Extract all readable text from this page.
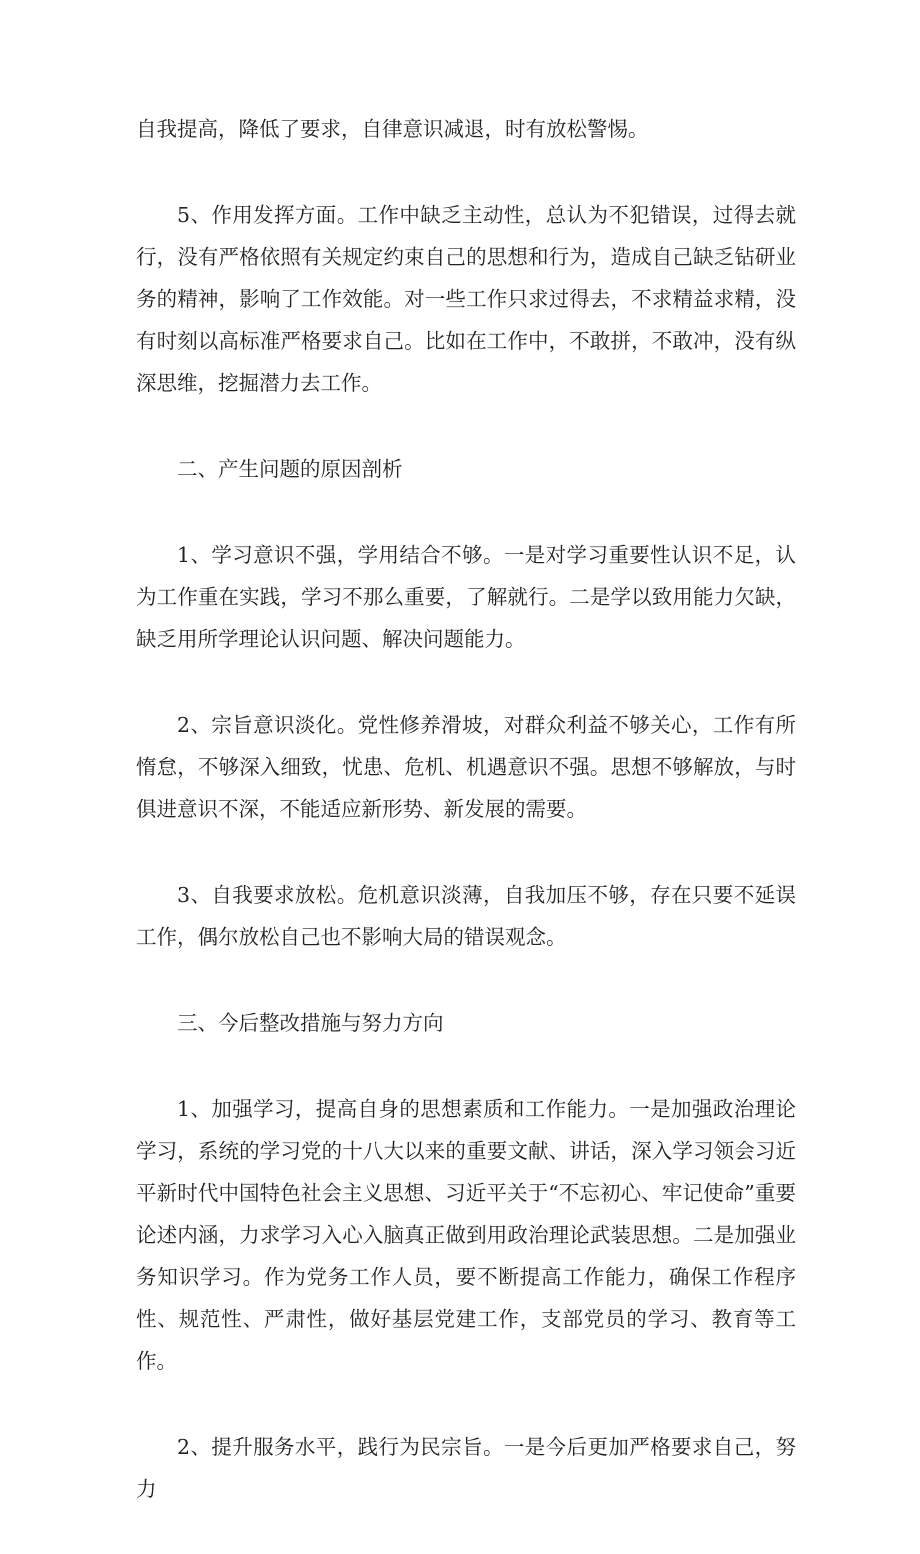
自我提高，降低了要求，自律意识减退，时有放松警惕。

5、作用发挥方面。工作中缺乏主动性，总认为不犯错误，过得去就行，没有严格依照有关规定约束自己的思想和行为，造成自己缺乏钻研业务的精神，影响了工作效能。对一些工作只求过得去，不求精益求精，没有时刻以高标准严格要求自己。比如在工作中，不敢拼，不敢冲，没有纵深思维，挖掘潜力去工作。

二、产生问题的原因剖析

1、学习意识不强，学用结合不够。一是对学习重要性认识不足，认为工作重在实践，学习不那么重要，了解就行。二是学以致用能力欠缺，缺乏用所学理论认识问题、解决问题能力。

2、宗旨意识淡化。党性修养滑坡，对群众利益不够关心，工作有所惰怠，不够深入细致，忧患、危机、机遇意识不强。思想不够解放，与时俱进意识不深，不能适应新形势、新发展的需要。

3、自我要求放松。危机意识淡薄，自我加压不够，存在只要不延误工作，偶尔放松自己也不影响大局的错误观念。

三、今后整改措施与努力方向

1、加强学习，提高自身的思想素质和工作能力。一是加强政治理论学习，系统的学习党的十八大以来的重要文献、讲话，深入学习领会习近平新时代中国特色社会主义思想、习近平关于“不忘初心、牢记使命”重要论述内涵，力求学习入心入脑真正做到用政治理论武装思想。二是加强业务知识学习。作为党务工作人员，要不断提高工作能力，确保工作程序性、规范性、严肃性，做好基层党建工作，支部党员的学习、教育等工作。

2、提升服务水平，践行为民宗旨。一是今后更加严格要求自己，努力
